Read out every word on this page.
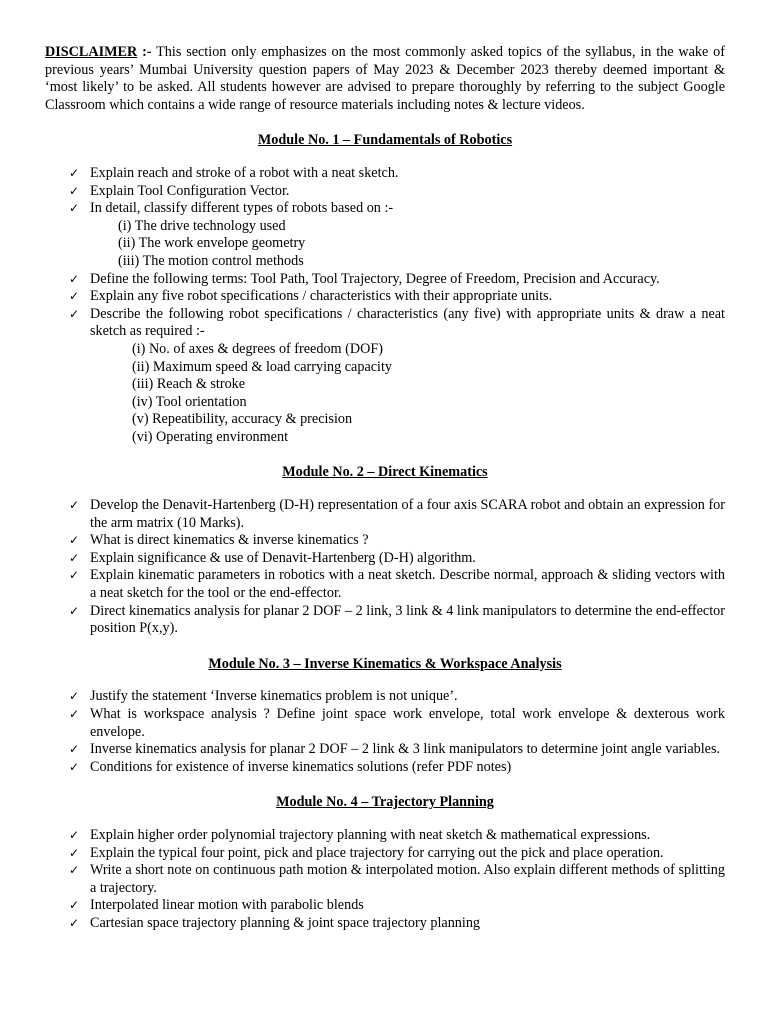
DISCLAIMER :- This section only emphasizes on the most commonly asked topics of the syllabus, in the wake of previous years’ Mumbai University question papers of May 2023 & December 2023 thereby deemed important & ‘most likely’ to be asked. All students however are advised to prepare thoroughly by referring to the subject Google Classroom which contains a wide range of resource materials including notes & lecture videos.

Module No. 1 – Fundamentals of Robotics
✓ Explain reach and stroke of a robot with a neat sketch.
✓ Explain Tool Configuration Vector.
✓ In detail, classify different types of robots based on :-
(i) The drive technology used
(ii) The work envelope geometry
(iii) The motion control methods
✓ Define the following terms: Tool Path, Tool Trajectory, Degree of Freedom, Precision and Accuracy.
✓ Explain any five robot specifications / characteristics with their appropriate units.
✓ Describe the following robot specifications / characteristics (any five) with appropriate units & draw a neat sketch as required :-
(i) No. of axes & degrees of freedom (DOF)
(ii) Maximum speed & load carrying capacity
(iii) Reach & stroke
(iv) Tool orientation
(v) Repeatibility, accuracy & precision
(vi) Operating environment
Module No. 2 – Direct Kinematics
✓ Develop the Denavit-Hartenberg (D-H) representation of a four axis SCARA robot and obtain an expression for the arm matrix (10 Marks).
✓ What is direct kinematics & inverse kinematics ?
✓ Explain significance & use of Denavit-Hartenberg (D-H) algorithm.
✓ Explain kinematic parameters in robotics with a neat sketch. Describe normal, approach & sliding vectors with a neat sketch for the tool or the end-effector.
✓ Direct kinematics analysis for planar 2 DOF – 2 link, 3 link & 4 link manipulators to determine the end-effector position P(x,y).
Module No. 3 – Inverse Kinematics & Workspace Analysis
✓ Justify the statement ‘Inverse kinematics problem is not unique’.
✓ What is workspace analysis ? Define joint space work envelope, total work envelope & dexterous work envelope.
✓ Inverse kinematics analysis for planar 2 DOF – 2 link & 3 link manipulators to determine joint angle variables.
✓ Conditions for existence of inverse kinematics solutions (refer PDF notes)
Module No. 4 – Trajectory Planning
✓ Explain higher order polynomial trajectory planning with neat sketch & mathematical expressions.
✓ Explain the typical four point, pick and place trajectory for carrying out the pick and place operation.
✓ Write a short note on continuous path motion & interpolated motion. Also explain different methods of splitting a trajectory.
✓ Interpolated linear motion with parabolic blends
✓ Cartesian space trajectory planning & joint space trajectory planning
